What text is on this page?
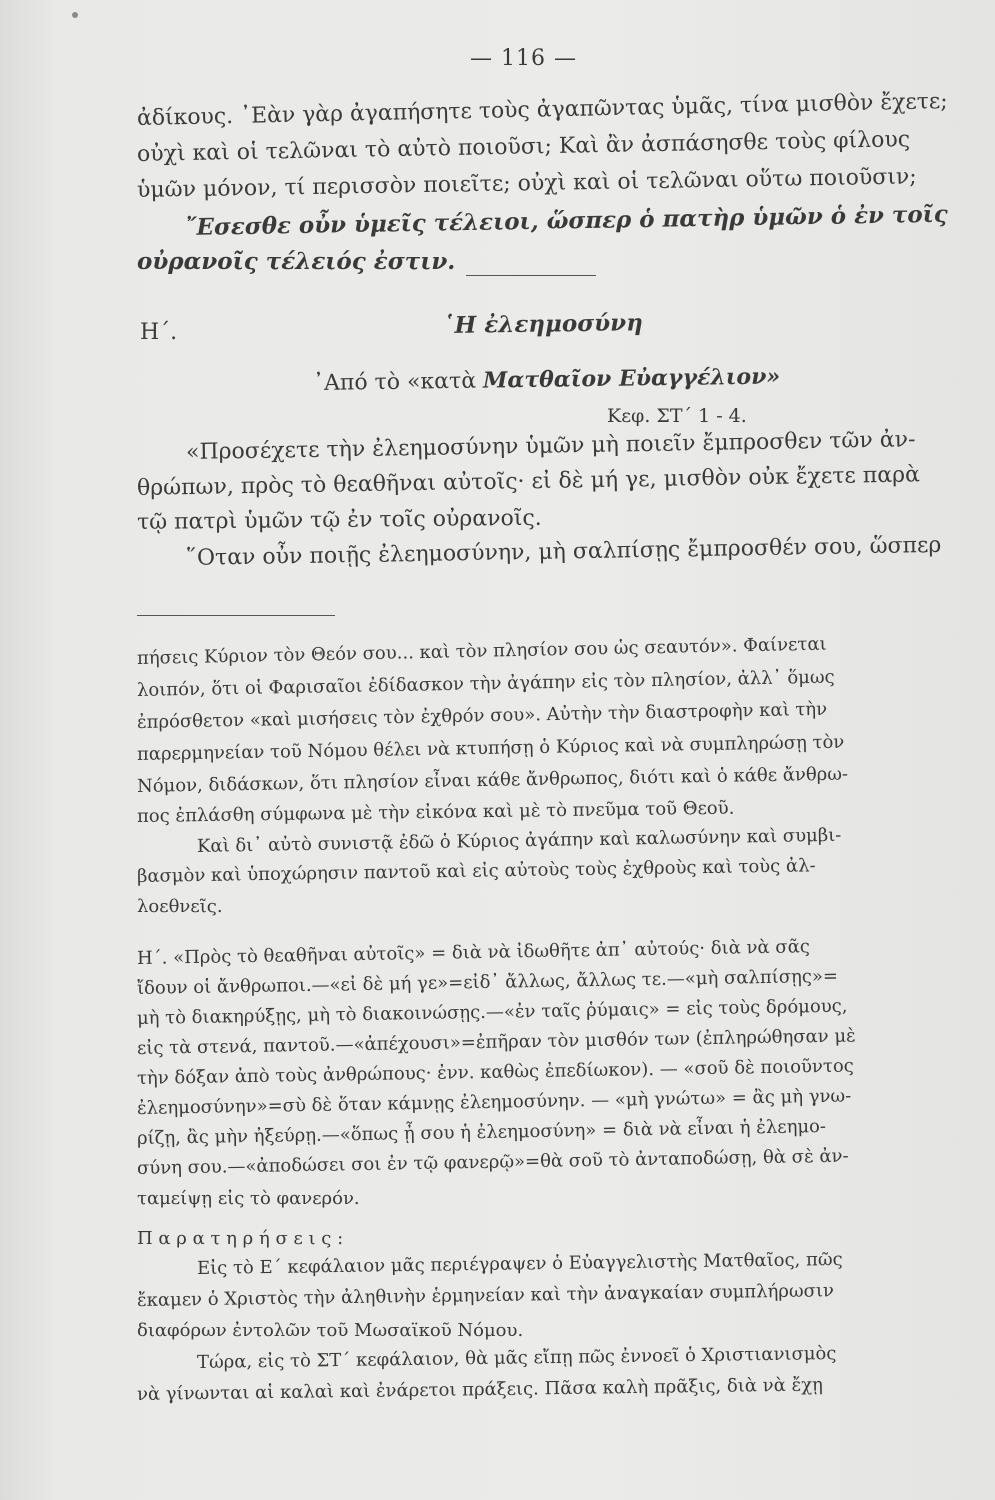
— 116 —
ἀδίκους. ᾿Εὰν γὰρ ἀγαπήσητε τοὺς ἀγαπῶντας ὑμᾶς, τίνα μισθὸν ἔχετε;
οὐχὶ καὶ οἱ τελῶναι τὸ αὐτὸ ποιοῦσι; Καὶ ἂν ἀσπάσησθε τοὺς φίλους
ὑμῶν μόνον, τί περισσὸν ποιεῖτε; οὐχὶ καὶ οἱ τελῶναι οὕτω ποιοῦσιν;
῎Εσεσθε οὖν ὑμεῖς τέλειοι, ὥσπερ ὁ πατὴρ ὑμῶν ὁ ἐν τοῖς
οὐρανοῖς τέλειός ἐστιν.
Η΄.	῾Η ἐλεημοσύνη
᾿Από τὸ «κατὰ Ματθαῖον Εὐαγγέλιον»
Κεφ. ΣΤ΄ 1 - 4.
«Προσέχετε τὴν ἐλεημοσύνην ὑμῶν μὴ ποιεῖν ἔμπροσθεν τῶν ἀν-
θρώπων, πρὸς τὸ θεαθῆναι αὐτοῖς· εἰ δὲ μή γε, μισθὸν οὐκ ἔχετε παρὰ
τῷ πατρὶ ὑμῶν τῷ ἐν τοῖς οὐρανοῖς.
῞Οταν οὖν ποιῇς ἐλεημοσύνην, μὴ σαλπίσῃς ἔμπροσθέν σου, ὥσπερ
πήσεις Κύριον τὸν Θεόν σου... καὶ τὸν πλησίον σου ὡς σεαυτόν». Φαίνεται
λοιπόν, ὅτι οἱ Φαρισαῖοι ἐδίδασκον τὴν ἀγάπην εἰς τὸν πλησίον, ἀλλ᾿ ὅμως
ἐπρόσθετον «καὶ μισήσεις τὸν ἐχθρόν σου». Αὐτὴν τὴν διαστροφὴν καὶ τὴν
παρερμηνείαν τοῦ Νόμου θέλει νὰ κτυπήσῃ ὁ Κύριος καὶ νὰ συμπληρώσῃ τὸν
Νόμον, διδάσκων, ὅτι πλησίον εἶναι κάθε ἄνθρωπος, διότι καὶ ὁ κάθε ἄνθρω-
πος ἐπλάσθη σύμφωνα μὲ τὴν εἰκόνα καὶ μὲ τὸ πνεῦμα τοῦ Θεοῦ.
Καὶ δι᾿ αὐτὸ συνιστᾷ ἐδῶ ὁ Κύριος ἀγάπην καὶ καλωσύνην καὶ συμβι-
βασμὸν καὶ ὑποχώρησιν παντοῦ καὶ εἰς αὐτοὺς τοὺς ἐχθροὺς καὶ τοὺς ἀλ-
λοεθνεῖς.
Η΄. «Πρὸς τὸ θεαθῆναι αὐτοῖς» = διὰ νὰ ἰδωθῆτε ἀπ᾿ αὐτούς· διὰ νὰ σᾶς
ἴδουν οἱ ἄνθρωποι.—«εἰ δὲ μή γε»=εἰδ᾿ ἄλλως, ἄλλως τε.—«μὴ σαλπίσῃς»=
μὴ τὸ διακηρύξῃς, μὴ τὸ διακοινώσῃς.—«ἐν ταῖς ῥύμαις» = εἰς τοὺς δρόμους,
εἰς τὰ στενά, παντοῦ.—«ἀπέχουσι»=ἐπῆραν τὸν μισθόν των (ἐπληρώθησαν μὲ
τὴν δόξαν ἀπὸ τοὺς ἀνθρώπους· ἐνν. καθὼς ἐπεδίωκον). — «σοῦ δὲ ποιοῦντος
ἐλεημοσύνην»=σὺ δὲ ὅταν κάμνῃς ἐλεημοσύνην. — «μὴ γνώτω» = ἂς μὴ γνω-
ρίζῃ, ἂς μὴν ἠξεύρῃ.—«ὅπως ᾖ σου ἡ ἐλεημοσύνη» = διὰ νὰ εἶναι ἡ ἐλεημο-
σύνη σου.—«ἀποδώσει σοι ἐν τῷ φανερῷ»=θὰ σοῦ τὸ ἀνταποδώσῃ, θὰ σὲ ἀν-
ταμείψῃ εἰς τὸ φανερόν.
Π α ρ α τ η ρ ή σ ε ι ς :
Εἰς τὸ Ε΄ κεφάλαιον μᾶς περιέγραψεν ὁ Εὐαγγελιστὴς Ματθαῖος, πῶς
ἔκαμεν ὁ Χριστὸς τὴν ἀληθινὴν ἑρμηνείαν καὶ τὴν ἀναγκαίαν συμπλήρωσιν
διαφόρων ἐντολῶν τοῦ Μωσαϊκοῦ Νόμου.
Τώρα, εἰς τὸ ΣΤ΄ κεφάλαιον, θὰ μᾶς εἴπῃ πῶς ἐννοεῖ ὁ Χριστιανισμὸς
νὰ γίνωνται αἱ καλαὶ καὶ ἐνάρετοι πράξεις. Πᾶσα καλὴ πρᾶξις, διὰ νὰ ἔχῃ
